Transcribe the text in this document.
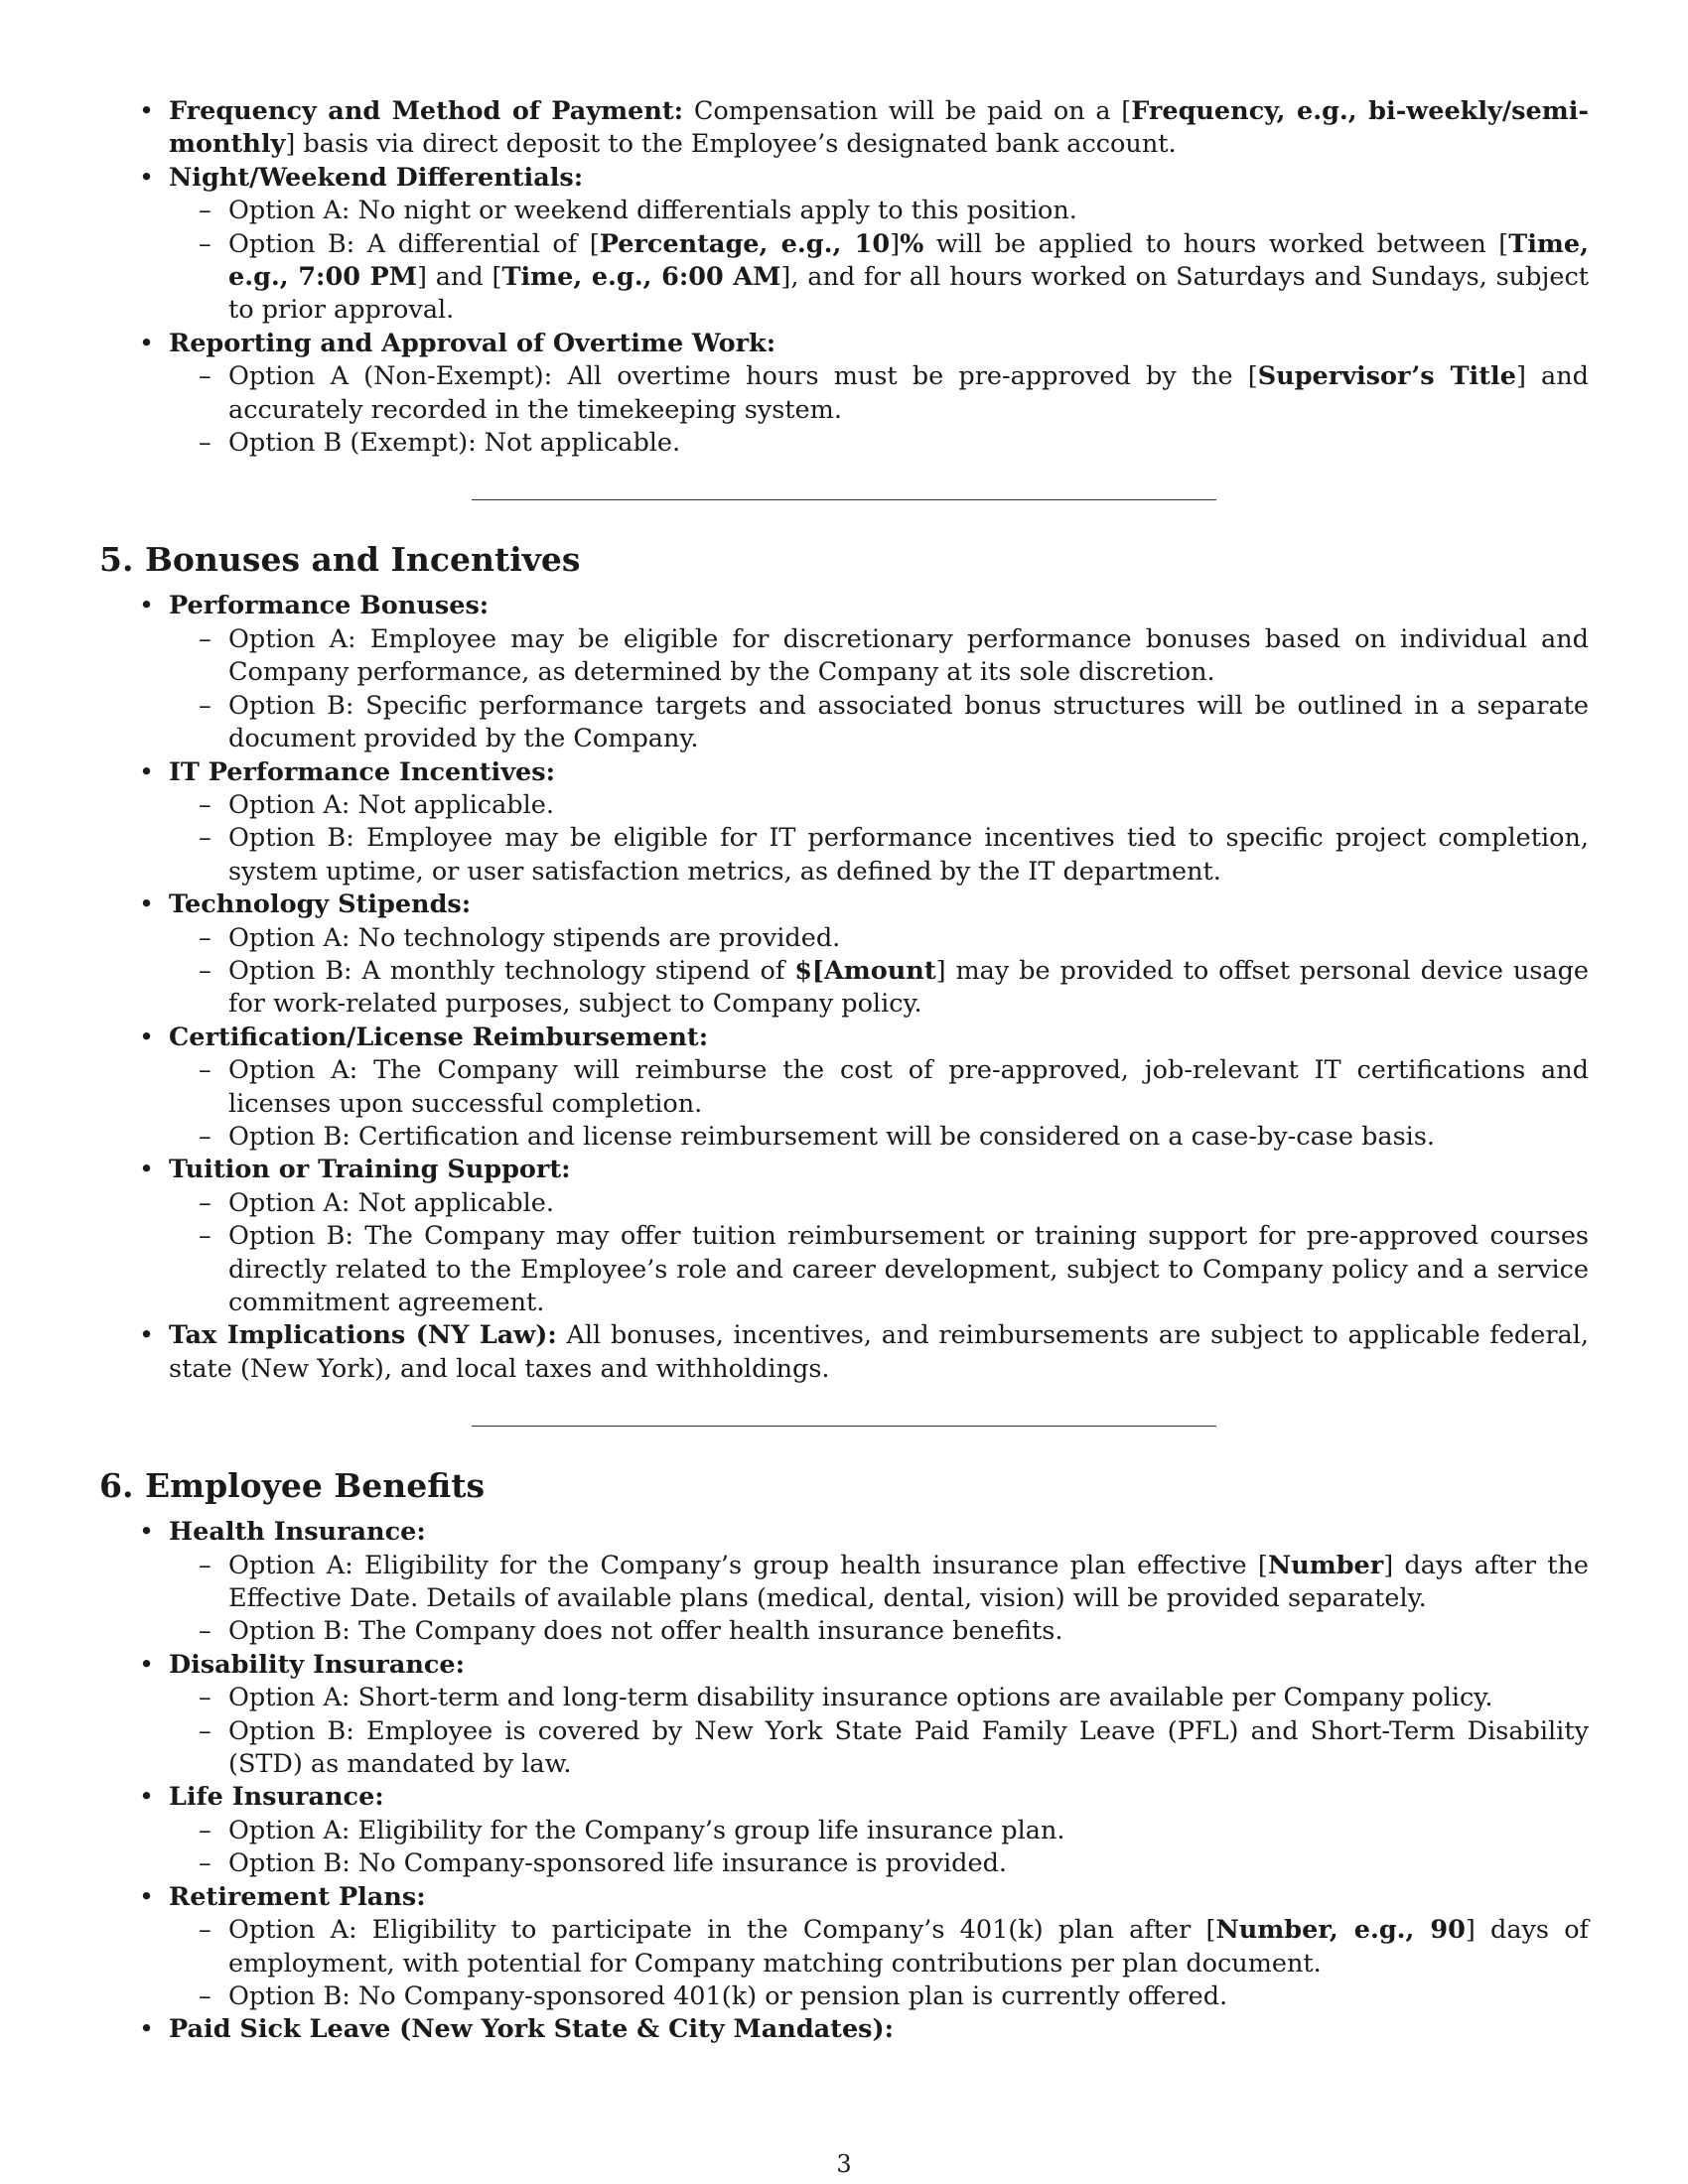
• Frequency and Method of Payment: Compensation will be paid on a [Frequency, e.g., bi-weekly/semi-monthly] basis via direct deposit to the Employee’s designated bank account.
• Night/Weekend Differentials:
– Option A: No night or weekend differentials apply to this position.
– Option B: A differential of [Percentage, e.g., 10]% will be applied to hours worked between [Time, e.g., 7:00 PM] and [Time, e.g., 6:00 AM], and for all hours worked on Saturdays and Sundays, subject to prior approval.
• Reporting and Approval of Overtime Work:
– Option A (Non-Exempt): All overtime hours must be pre-approved by the [Supervisor’s Title] and accurately recorded in the timekeeping system.
– Option B (Exempt): Not applicable.
5. Bonuses and Incentives
• Performance Bonuses:
– Option A: Employee may be eligible for discretionary performance bonuses based on individual and Company performance, as determined by the Company at its sole discretion.
– Option B: Specific performance targets and associated bonus structures will be outlined in a separate document provided by the Company.
• IT Performance Incentives:
– Option A: Not applicable.
– Option B: Employee may be eligible for IT performance incentives tied to specific project completion, system uptime, or user satisfaction metrics, as defined by the IT department.
• Technology Stipends:
– Option A: No technology stipends are provided.
– Option B: A monthly technology stipend of $[Amount] may be provided to offset personal device usage for work-related purposes, subject to Company policy.
• Certification/License Reimbursement:
– Option A: The Company will reimburse the cost of pre-approved, job-relevant IT certifications and licenses upon successful completion.
– Option B: Certification and license reimbursement will be considered on a case-by-case basis.
• Tuition or Training Support:
– Option A: Not applicable.
– Option B: The Company may offer tuition reimbursement or training support for pre-approved courses directly related to the Employee’s role and career development, subject to Company policy and a service commitment agreement.
• Tax Implications (NY Law): All bonuses, incentives, and reimbursements are subject to applicable federal, state (New York), and local taxes and withholdings.
6. Employee Benefits
• Health Insurance:
– Option A: Eligibility for the Company’s group health insurance plan effective [Number] days after the Effective Date. Details of available plans (medical, dental, vision) will be provided separately.
– Option B: The Company does not offer health insurance benefits.
• Disability Insurance:
– Option A: Short-term and long-term disability insurance options are available per Company policy.
– Option B: Employee is covered by New York State Paid Family Leave (PFL) and Short-Term Disability (STD) as mandated by law.
• Life Insurance:
– Option A: Eligibility for the Company’s group life insurance plan.
– Option B: No Company-sponsored life insurance is provided.
• Retirement Plans:
– Option A: Eligibility to participate in the Company’s 401(k) plan after [Number, e.g., 90] days of employment, with potential for Company matching contributions per plan document.
– Option B: No Company-sponsored 401(k) or pension plan is currently offered.
• Paid Sick Leave (New York State & City Mandates):
3
